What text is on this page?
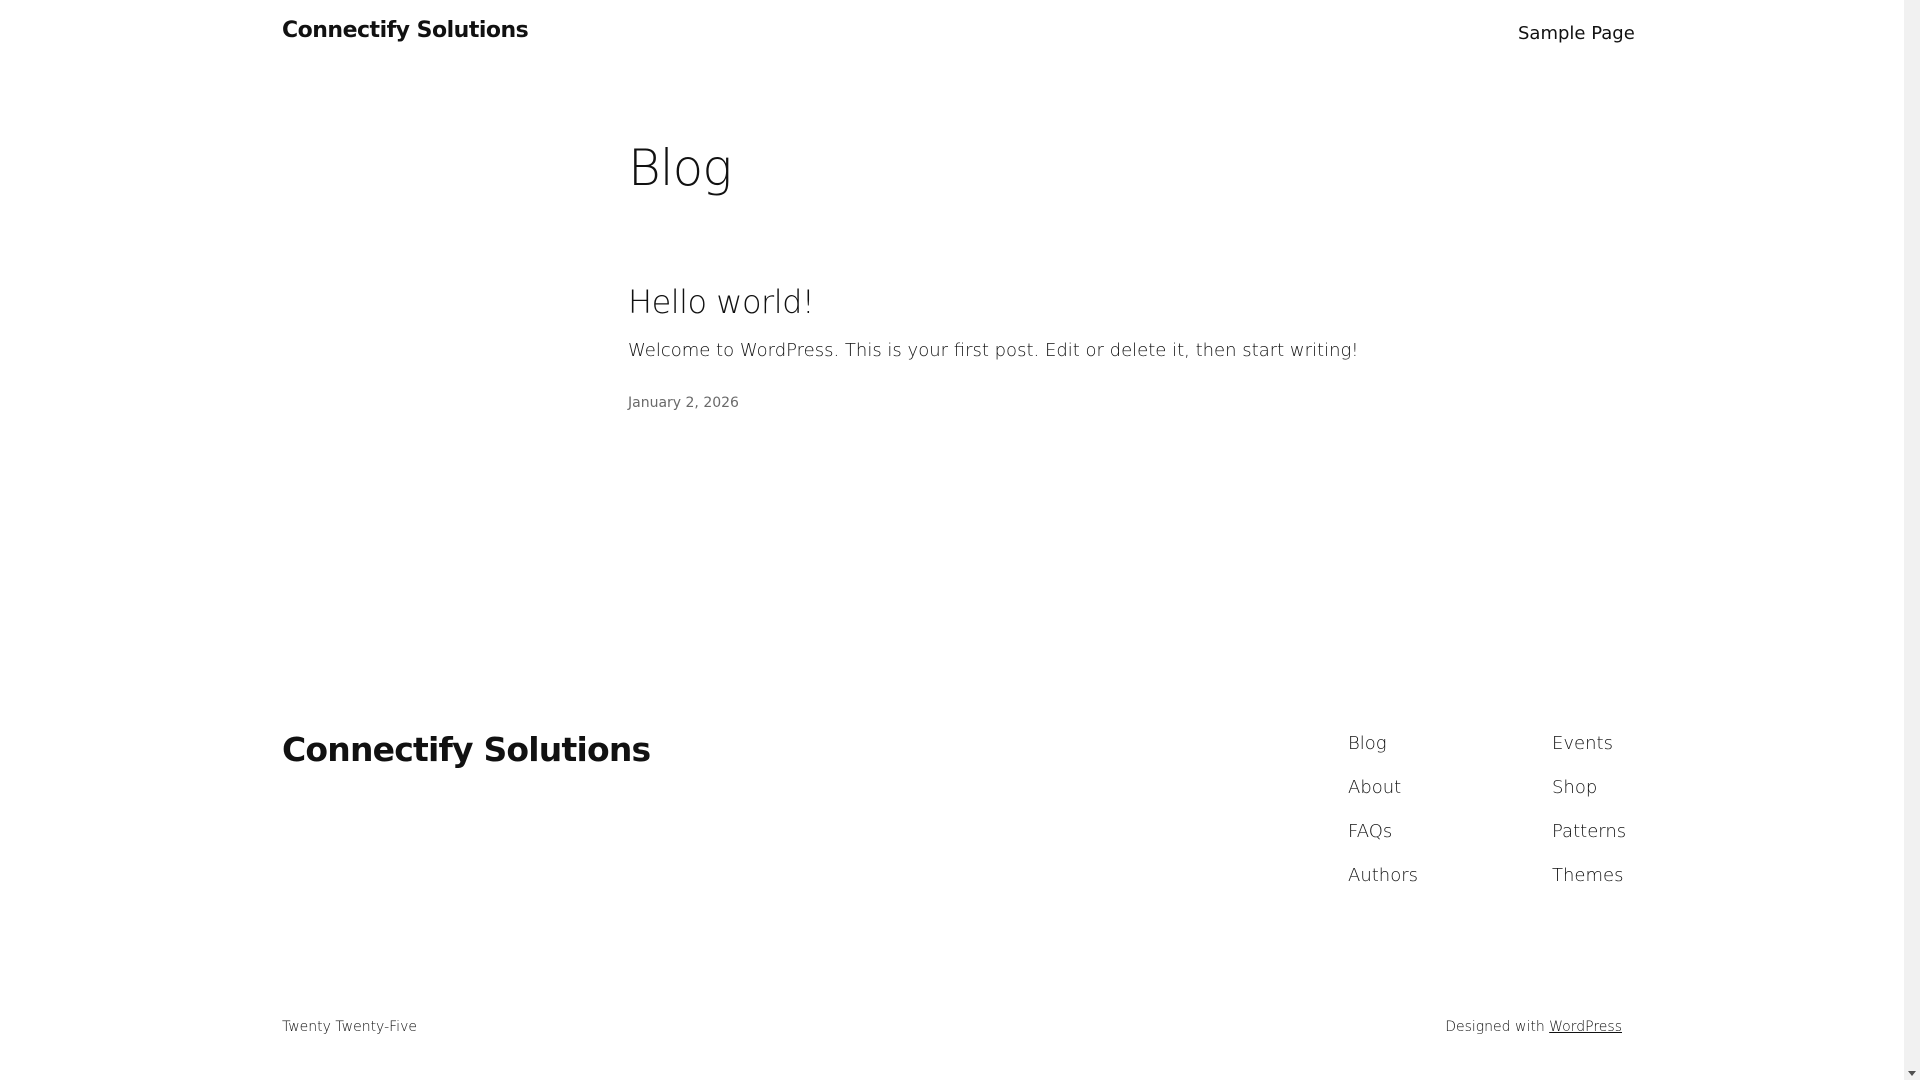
Connectify Solutions	Sample Page
Blog
Hello world!

Welcome to WordPress. This is your first post. Edit or delete it, then start writing!

January 2, 2026
Connectify Solutions	Blog
About
FAQs
Authors
Events
Shop
Patterns
Themes
Twenty Twenty-Five	Designed with WordPress
